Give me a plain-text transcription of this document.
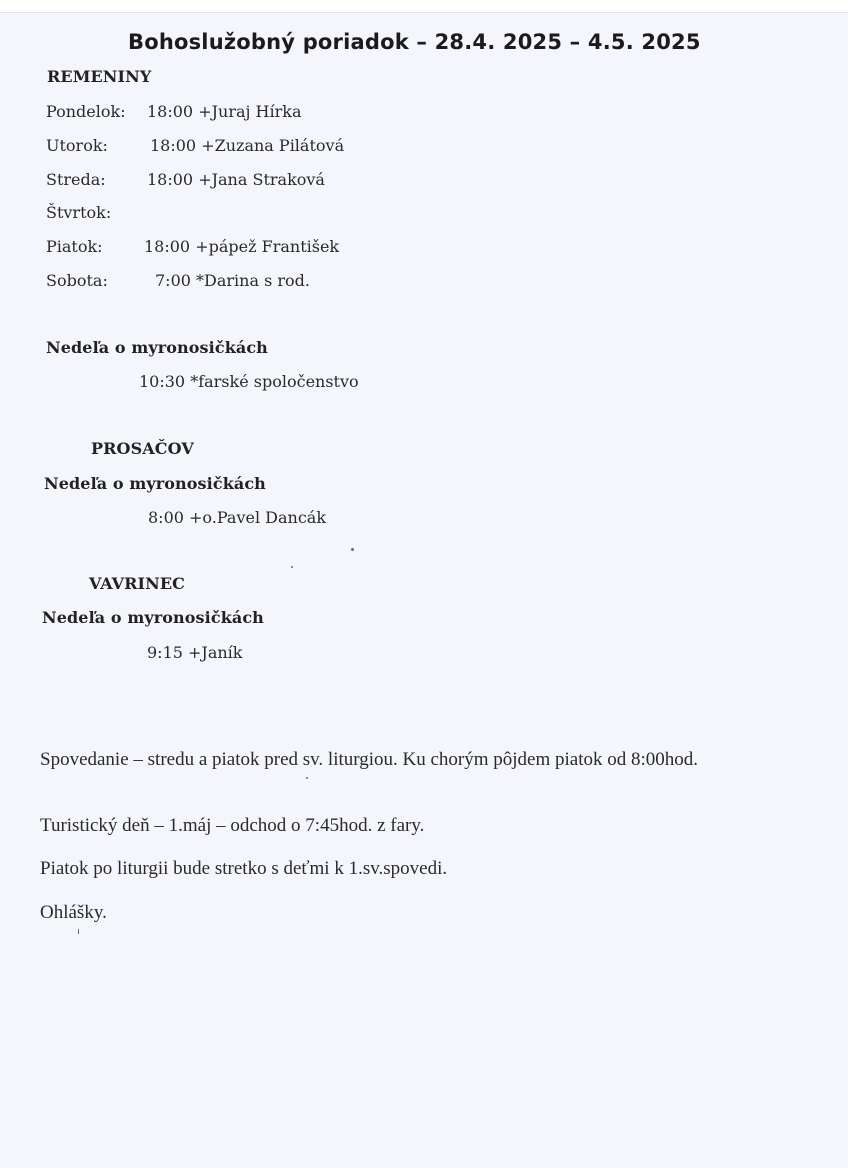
Bohoslužobný poriadok – 28.4. 2025 – 4.5. 2025
REMENINY
Pondelok: 18:00 +Juraj Hírka
Utorok:	18:00 +Zuzana Pilátová
Streda:	18:00 +Jana Straková
Štvrtok:
Piatok:	18:00 +pápež František
Sobota:	7:00 *Darina s rod.
Nedeľa o myronosičkách
10:30 *farské spoločenstvo
PROSAČOV
Nedeľa o myronosičkách
8:00 +o.Pavel Dancák
VAVRINEC
Nedeľa o myronosičkách
9:15 +Janík
Spovedanie – stredu a piatok pred sv. liturgiou. Ku chorým pôjdem piatok od 8:00hod.
Turistický deň – 1.máj – odchod o 7:45hod. z fary.
Piatok po liturgii bude stretko s deťmi k 1.sv.spovedi.
Ohlášky.
